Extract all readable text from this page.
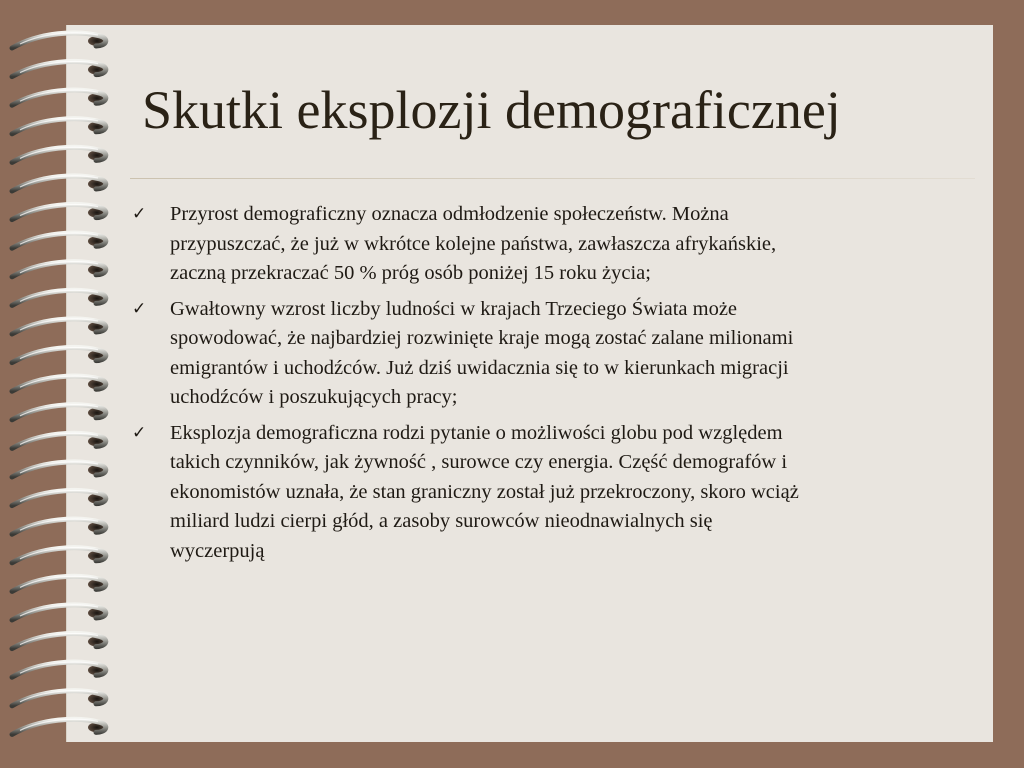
Skutki eksplozji demograficznej
✓ Przyrost demograficzny oznacza odmłodzenie społeczeństw. Można
przypuszczać, że już w wkrótce kolejne państwa, zawłaszcza afrykańskie,
zaczną przekraczać 50 % próg osób poniżej 15 roku życia;
✓ Gwałtowny wzrost liczby ludności w krajach Trzeciego Świata może
spowodować, że najbardziej rozwinięte kraje mogą zostać zalane milionami
emigrantów i uchodźców. Już dziś uwidacznia się to w kierunkach migracji
uchodźców i poszukujących pracy;
✓ Eksplozja demograficzna rodzi pytanie o możliwości globu pod względem
takich czynników, jak żywność , surowce czy energia. Część demografów i
ekonomistów uznała, że stan graniczny został już przekroczony, skoro wciąż
miliard ludzi cierpi głód, a zasoby surowców nieodnawialnych się
wyczerpują
